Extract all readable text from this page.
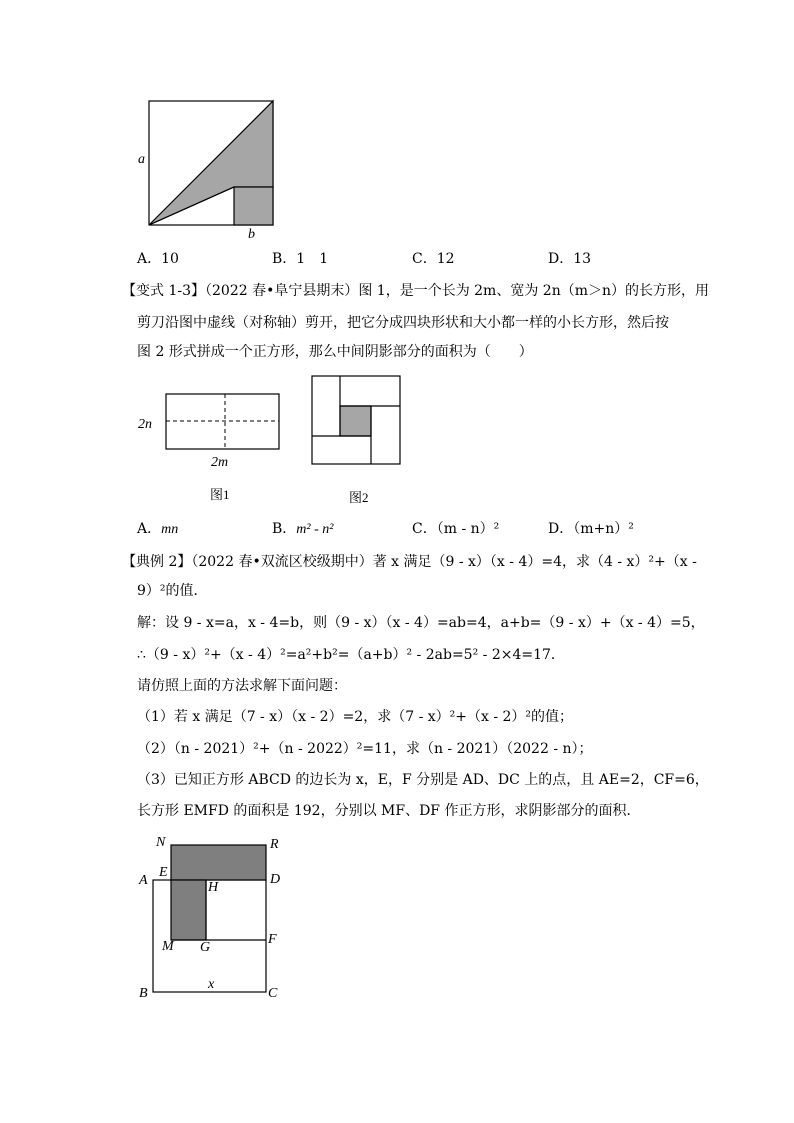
a
b
A．10	B．1　1	C．12	D．13
【变式 1-3】（2022 春•阜宁县期末）图 1，是一个长为 2m、宽为 2n（m＞n）的长方形，用
剪刀沿图中虚线（对称轴）剪开，把它分成四块形状和大小都一样的小长方形，然后按
图 2 形式拼成一个正方形，那么中间阴影部分的面积为（　　）
2n
2m
图1	图2
A．mn	B．m² - n²	C．（m - n）²	D．（m+n）²
【典例 2】（2022 春•双流区校级期中）著 x 满足（9 - x）（x - 4）=4，求（4 - x）²+（x -
9）²的值．
解：设 9 - x=a，x - 4=b，则（9 - x）（x - 4）=ab=4，a+b=（9 - x）+（x - 4）=5，
∴（9 - x）²+（x - 4）²=a²+b²=（a+b）² - 2ab=5² - 2×4=17．
请仿照上面的方法求解下面问题：
（1）若 x 满足（7 - x）（x - 2）=2，求（7 - x）²+（x - 2）²的值；
（2）（n - 2021）²+（n - 2022）²=11，求（n - 2021）（2022 - n）；
（3）已知正方形 ABCD 的边长为 x，E，F 分别是 AD、DC 上的点，且 AE=2，CF=6，
长方形 EMFD 的面积是 192，分别以 MF、DF 作正方形，求阴影部分的面积．
N	R
A
E	D
H
M G
F
B	C
x
